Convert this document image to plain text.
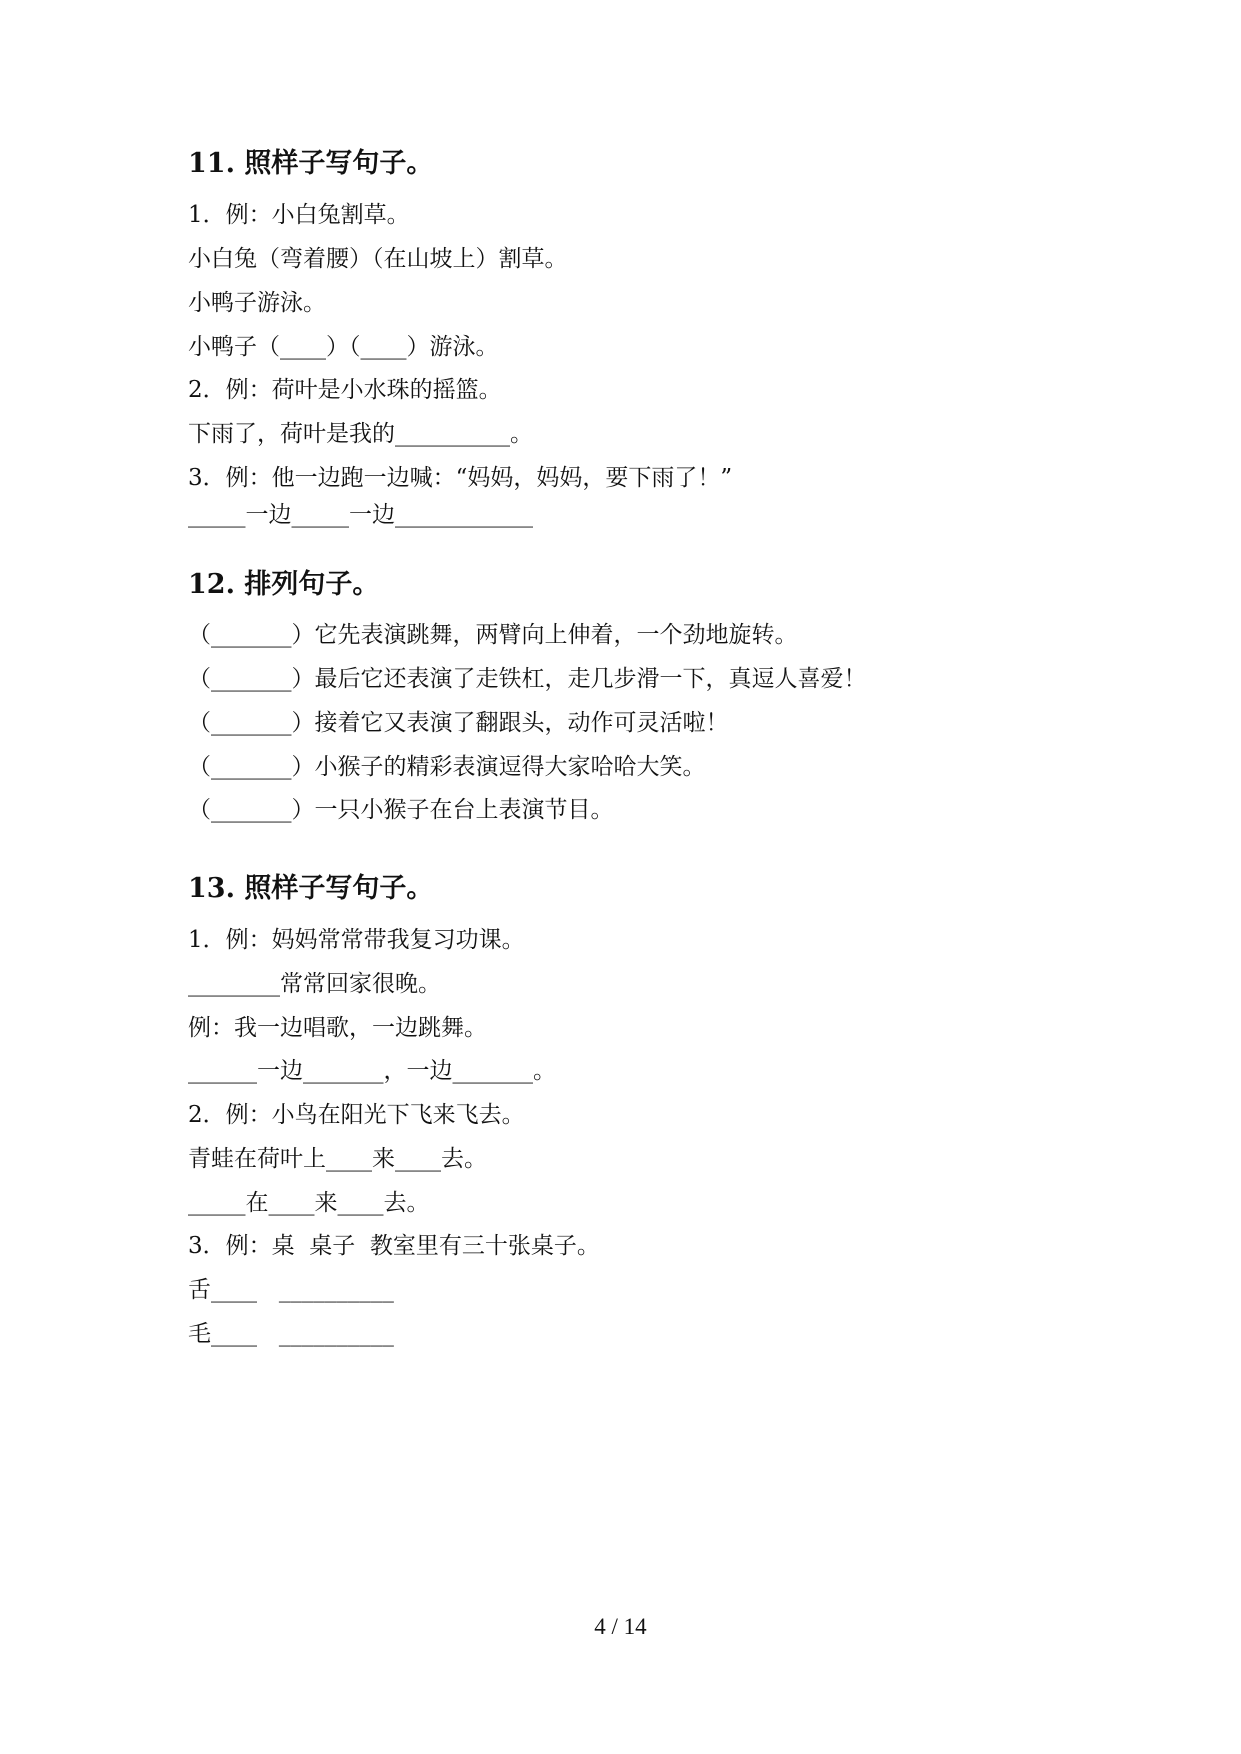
11. 照样子写句子。
1．例：小白兔割草。
小白兔（弯着腰）（在山坡上）割草。
小鸭子游泳。
小鸭子（____）（____）游泳。
2．例：荷叶是小水珠的摇篮。
下雨了，荷叶是我的__________。
3．例：他一边跑一边喊：“妈妈，妈妈，要下雨了！”
_____一边_____一边____________
12. 排列句子。
（_______）它先表演跳舞，两臂向上伸着，一个劲地旋转。
（_______）最后它还表演了走铁杠，走几步滑一下，真逗人喜爱！
（_______）接着它又表演了翻跟头，动作可灵活啦！
（_______）小猴子的精彩表演逗得大家哈哈大笑。
（_______）一只小猴子在台上表演节目。
13. 照样子写句子。
1．例：妈妈常常带我复习功课。
________常常回家很晚。
例：我一边唱歌，一边跳舞。
______一边_______，一边_______。
2．例：小鸟在阳光下飞来飞去。
青蛙在荷叶上____来____去。
_____在____来____去。
3．例：桌  桌子  教室里有三十张桌子。
舌____   __________
毛____   __________
4 / 14
